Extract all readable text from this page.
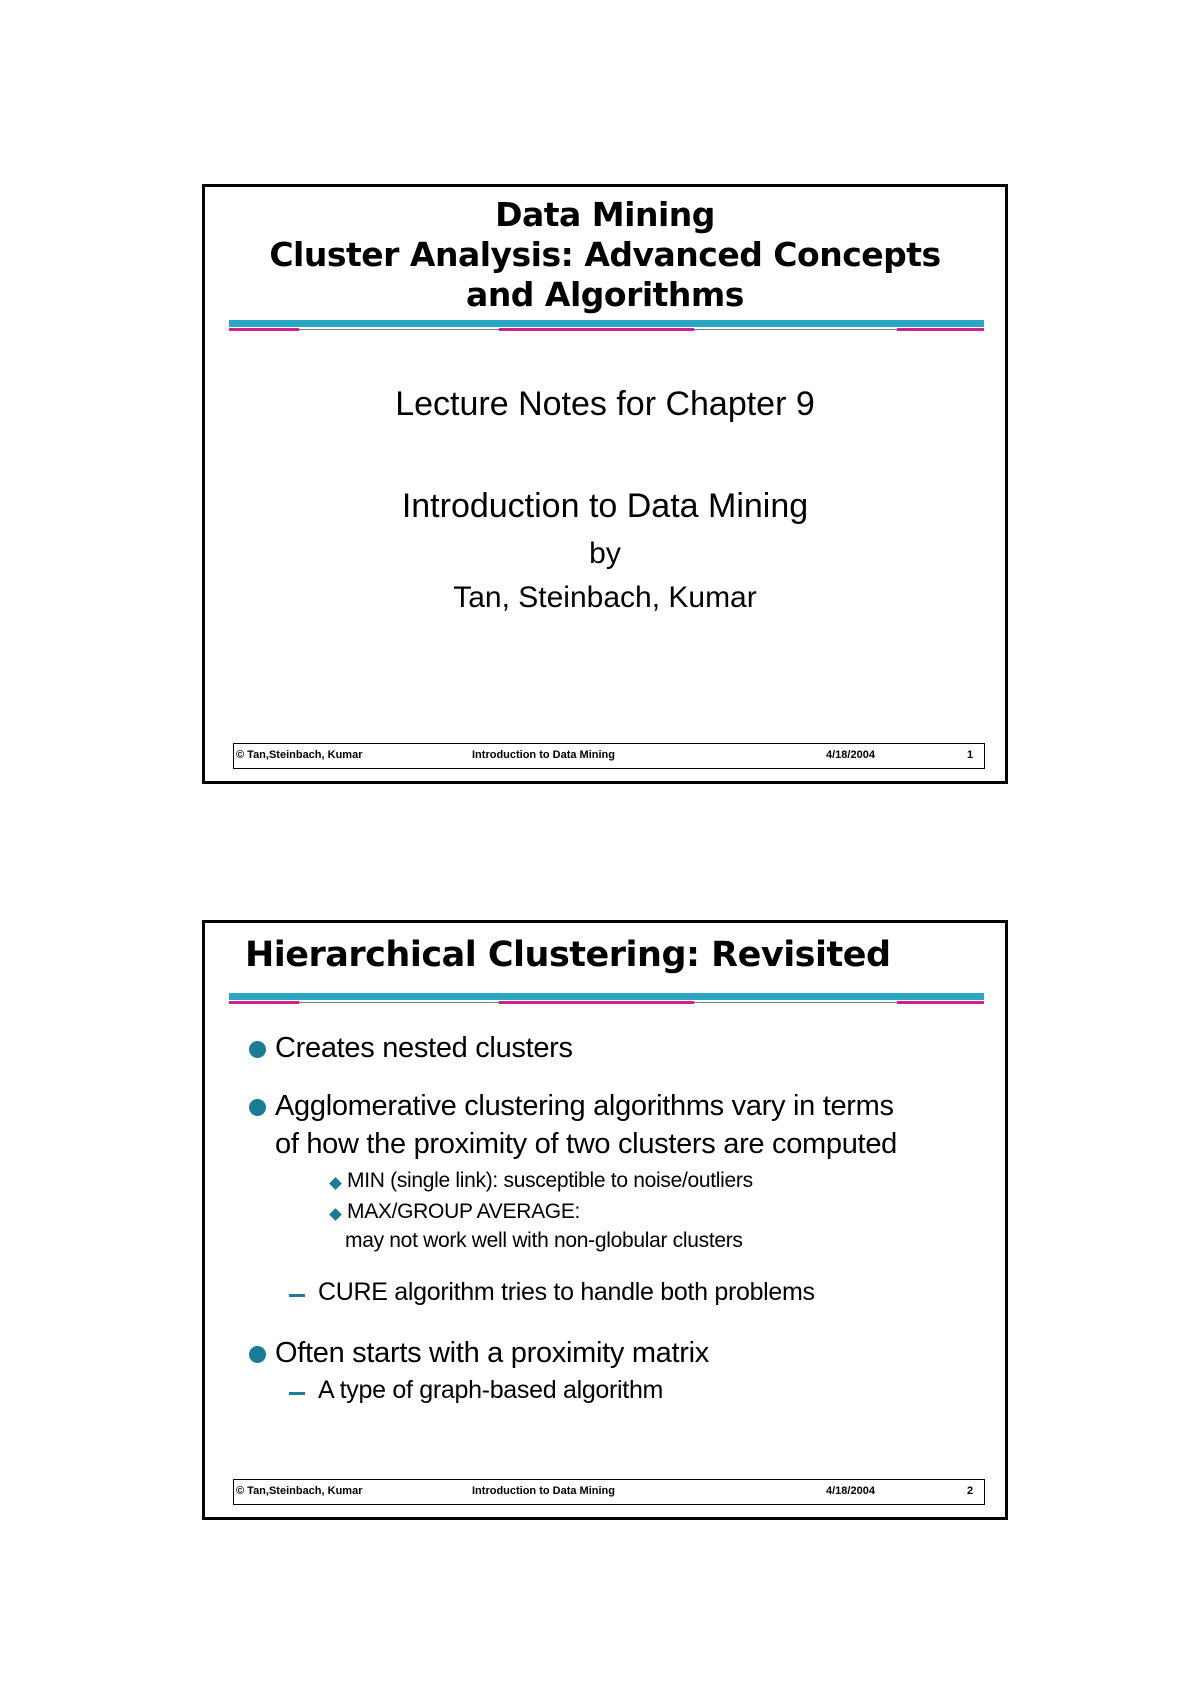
Data Mining
Cluster Analysis: Advanced Concepts
and Algorithms
Lecture Notes for Chapter 9
Introduction to Data Mining
by
Tan, Steinbach, Kumar
© Tan,Steinbach, Kumar	Introduction to Data Mining	4/18/2004	1
Hierarchical Clustering: Revisited
Creates nested clusters
Agglomerative clustering algorithms vary in terms
of how the proximity of two clusters are computed
MIN (single link): susceptible to noise/outliers
MAX/GROUP AVERAGE:
may not work well with non-globular clusters
CURE algorithm tries to handle both problems
Often starts with a proximity matrix
A type of graph-based algorithm
© Tan,Steinbach, Kumar	Introduction to Data Mining	4/18/2004	2
